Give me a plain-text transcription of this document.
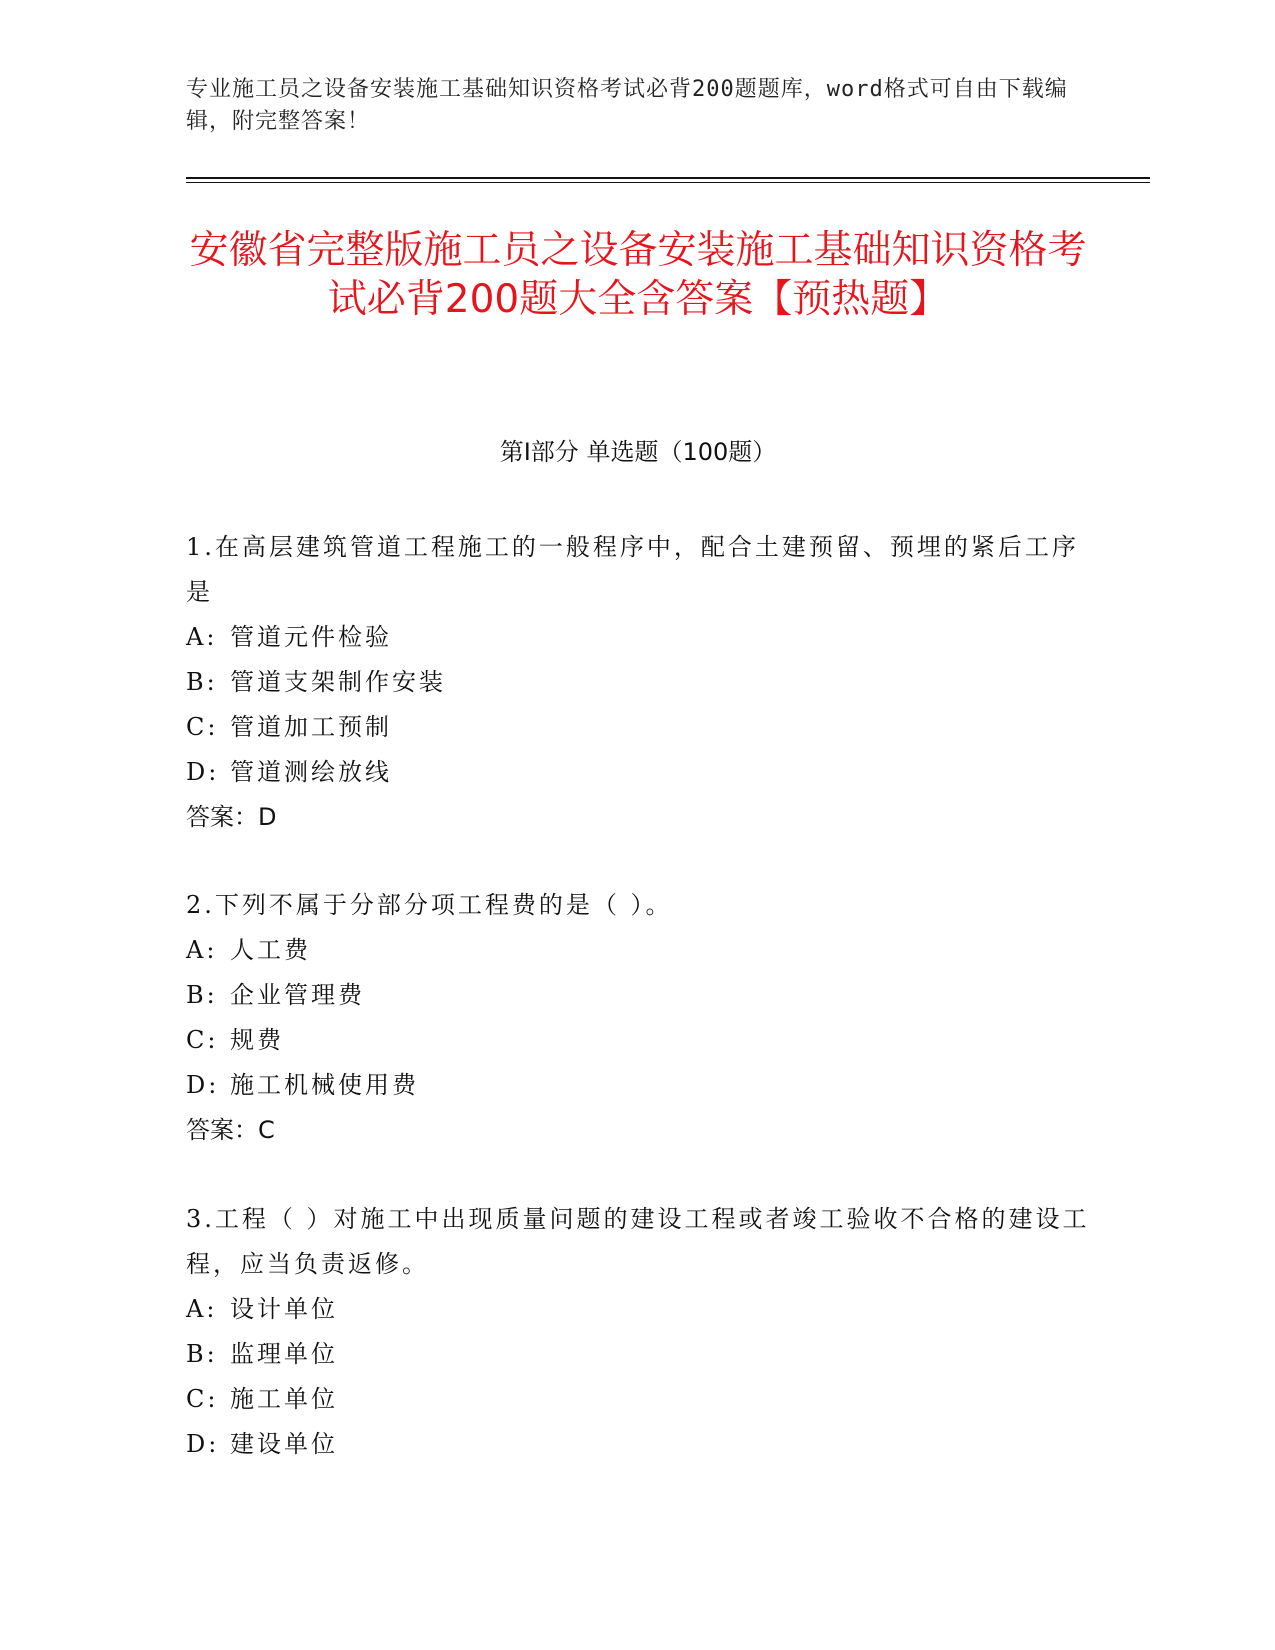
专业施工员之设备安装施工基础知识资格考试必背200题题库，word格式可自由下载编辑，附完整答案！
安徽省完整版施工员之设备安装施工基础知识资格考试必背200题大全含答案【预热题】
第Ⅰ部分 单选题（100题）

1.在高层建筑管道工程施工的一般程序中，配合土建预留、预埋的紧后工序是

A: 管道元件检验

B: 管道支架制作安装

C: 管道加工预制

D: 管道测绘放线

答案：D

2.下列不属于分部分项工程费的是（ ）。

A: 人工费

B: 企业管理费

C: 规费

D: 施工机械使用费

答案：C

3.工程（ ）对施工中出现质量问题的建设工程或者竣工验收不合格的建设工程，应当负责返修。

A: 设计单位

B: 监理单位

C: 施工单位

D: 建设单位
